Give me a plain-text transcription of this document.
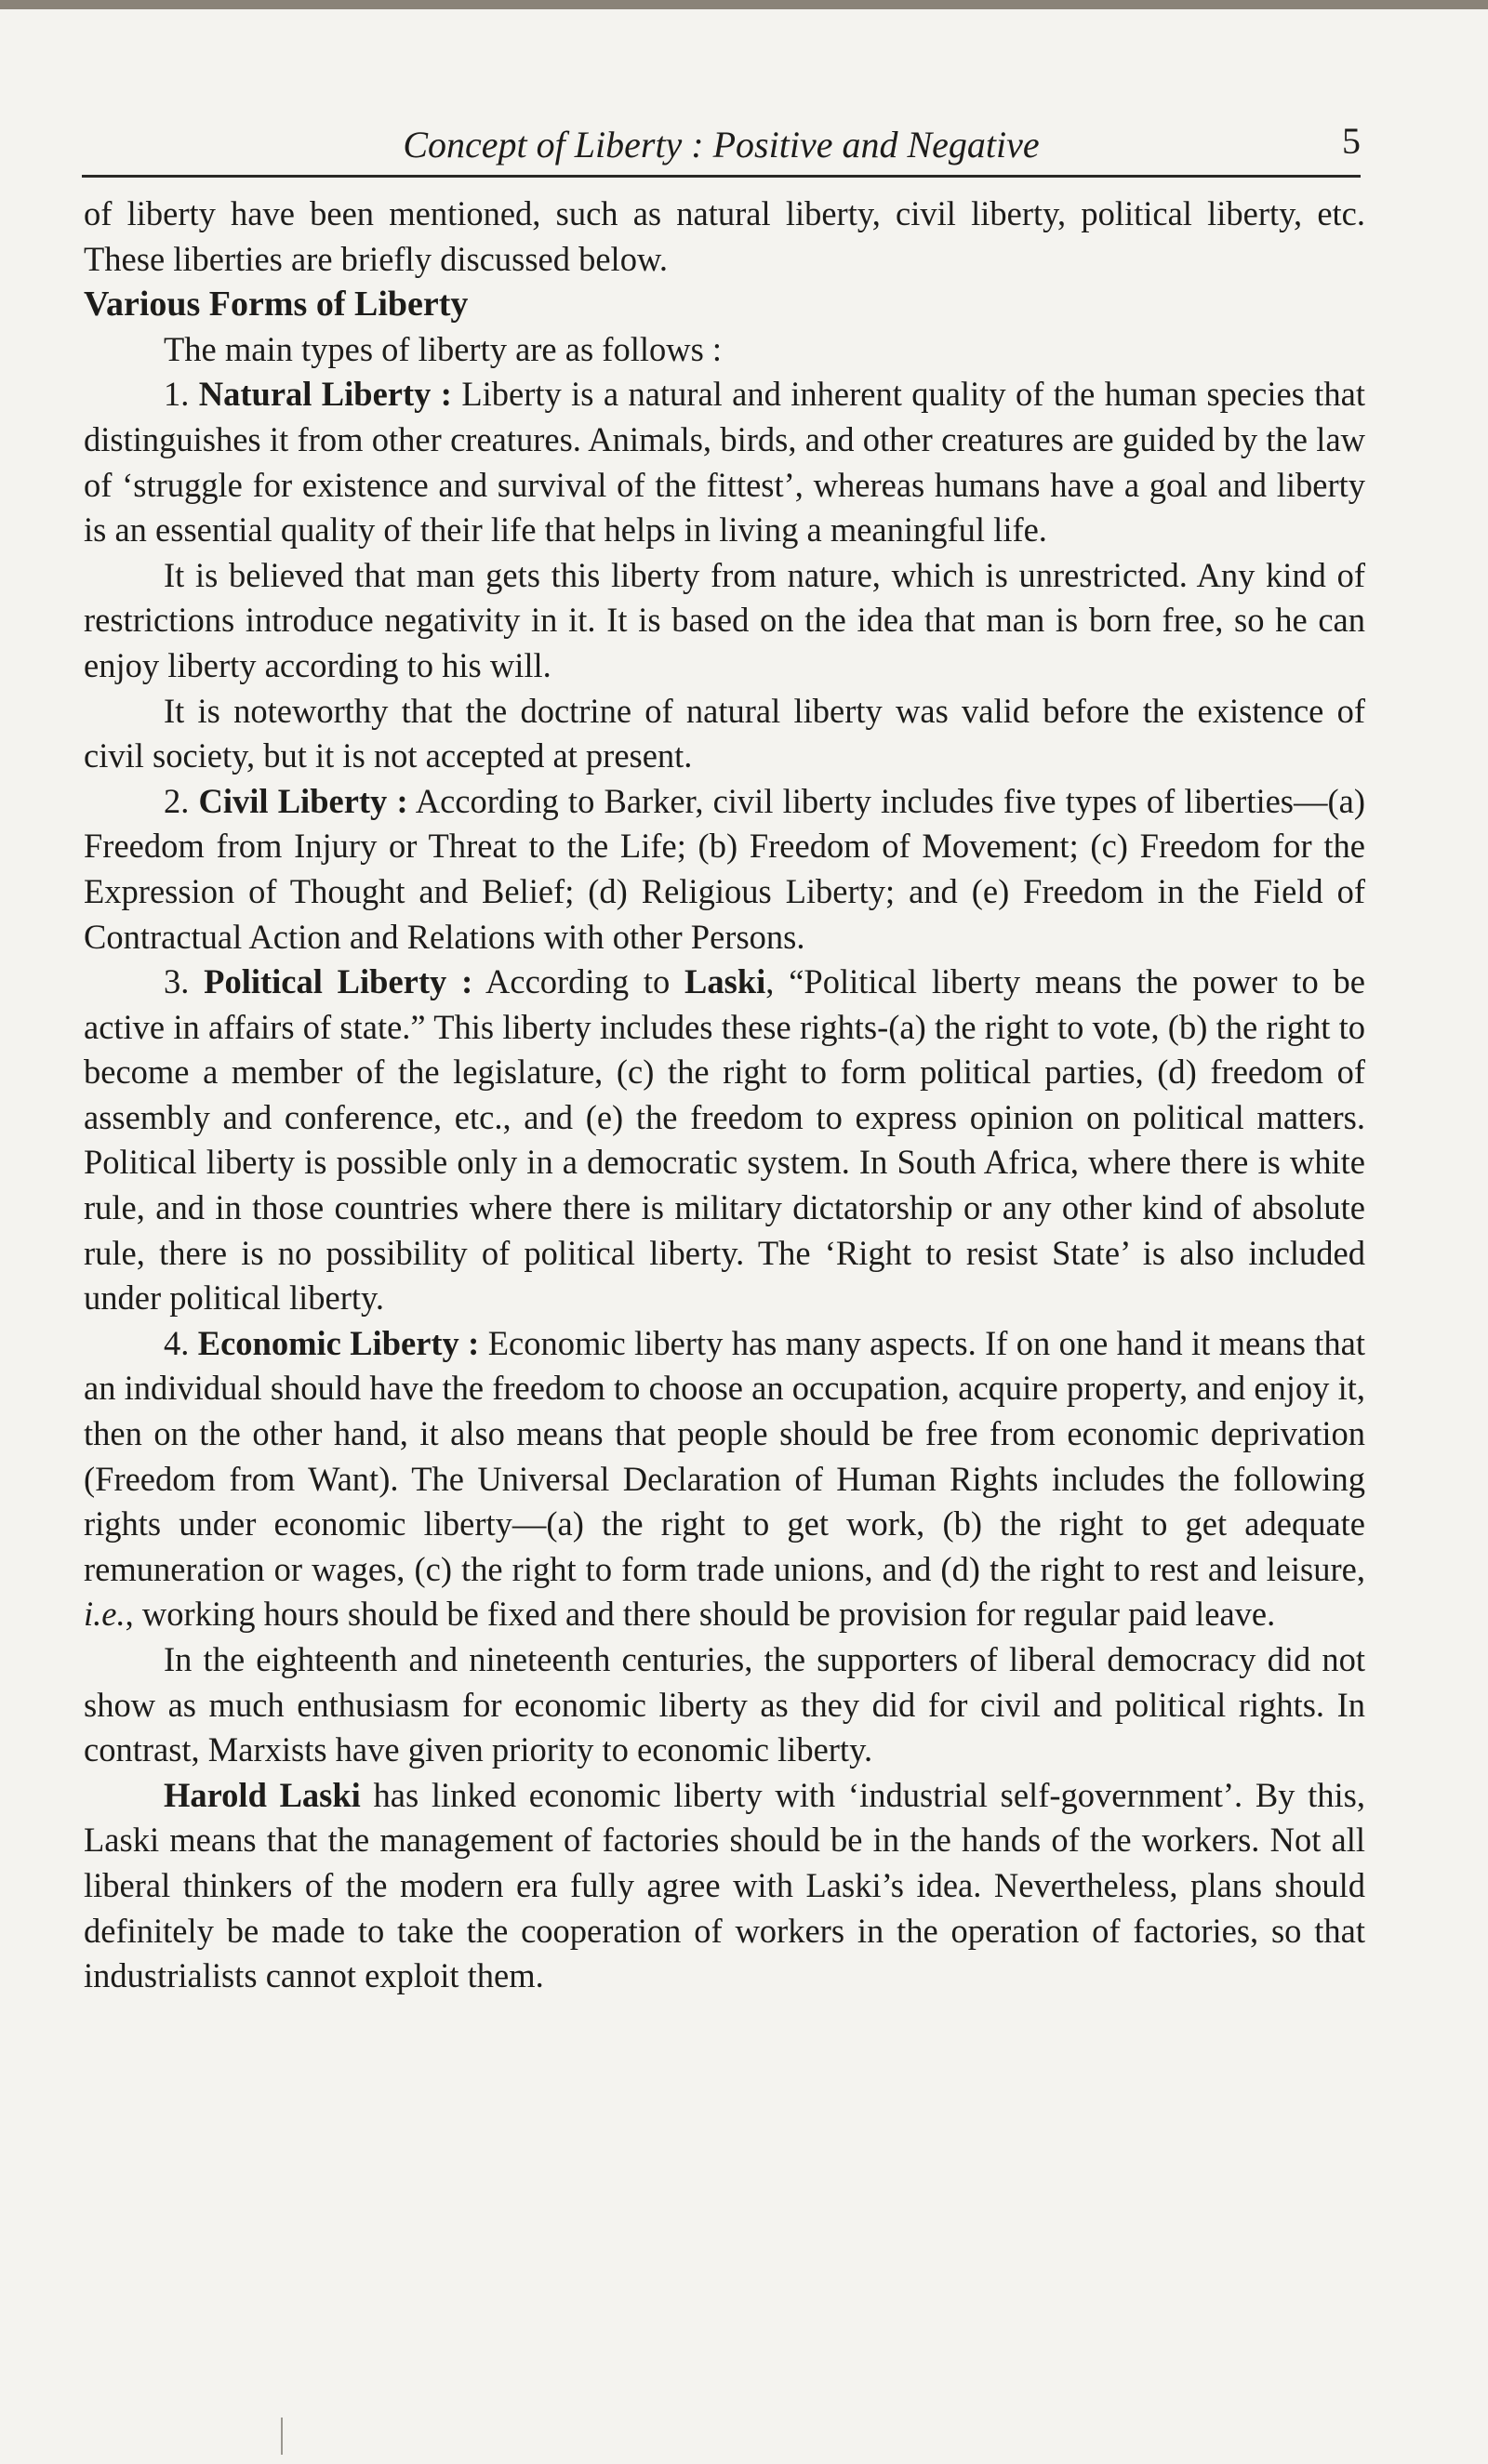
Concept of Liberty : Positive and Negative	5

of liberty have been mentioned, such as natural liberty, civil liberty, political liberty, etc. These liberties are briefly discussed below.

Various Forms of Liberty

The main types of liberty are as follows :

1. Natural Liberty : Liberty is a natural and inherent quality of the human species that distinguishes it from other creatures. Animals, birds, and other creatures are guided by the law of ‘struggle for existence and survival of the fittest’, whereas humans have a goal and liberty is an essential quality of their life that helps in living a meaningful life.

It is believed that man gets this liberty from nature, which is unrestricted. Any kind of restrictions introduce negativity in it. It is based on the idea that man is born free, so he can enjoy liberty according to his will.

It is noteworthy that the doctrine of natural liberty was valid before the existence of civil society, but it is not accepted at present.

2. Civil Liberty : According to Barker, civil liberty includes five types of liberties—(a) Freedom from Injury or Threat to the Life; (b) Freedom of Movement; (c) Freedom for the Expression of Thought and Belief; (d) Religious Liberty; and (e) Freedom in the Field of Contractual Action and Relations with other Persons.

3. Political Liberty : According to Laski, “Political liberty means the power to be active in affairs of state.” This liberty includes these rights-(a) the right to vote, (b) the right to become a member of the legislature, (c) the right to form political parties, (d) freedom of assembly and conference, etc., and (e) the freedom to express opinion on political matters. Political liberty is possible only in a democratic system. In South Africa, where there is white rule, and in those countries where there is military dictatorship or any other kind of absolute rule, there is no possibility of political liberty. The ‘Right to resist State’ is also included under political liberty.

4. Economic Liberty : Economic liberty has many aspects. If on one hand it means that an individual should have the freedom to choose an occupation, acquire property, and enjoy it, then on the other hand, it also means that people should be free from economic deprivation (Freedom from Want). The Universal Declaration of Human Rights includes the following rights under economic liberty—(a) the right to get work, (b) the right to get adequate remuneration or wages, (c) the right to form trade unions, and (d) the right to rest and leisure, i.e., working hours should be fixed and there should be provision for regular paid leave.

In the eighteenth and nineteenth centuries, the supporters of liberal democracy did not show as much enthusiasm for economic liberty as they did for civil and political rights. In contrast, Marxists have given priority to economic liberty.

Harold Laski has linked economic liberty with ‘industrial self-government’. By this, Laski means that the management of factories should be in the hands of the workers. Not all liberal thinkers of the modern era fully agree with Laski’s idea. Nevertheless, plans should definitely be made to take the cooperation of workers in the operation of factories, so that industrialists cannot exploit them.
